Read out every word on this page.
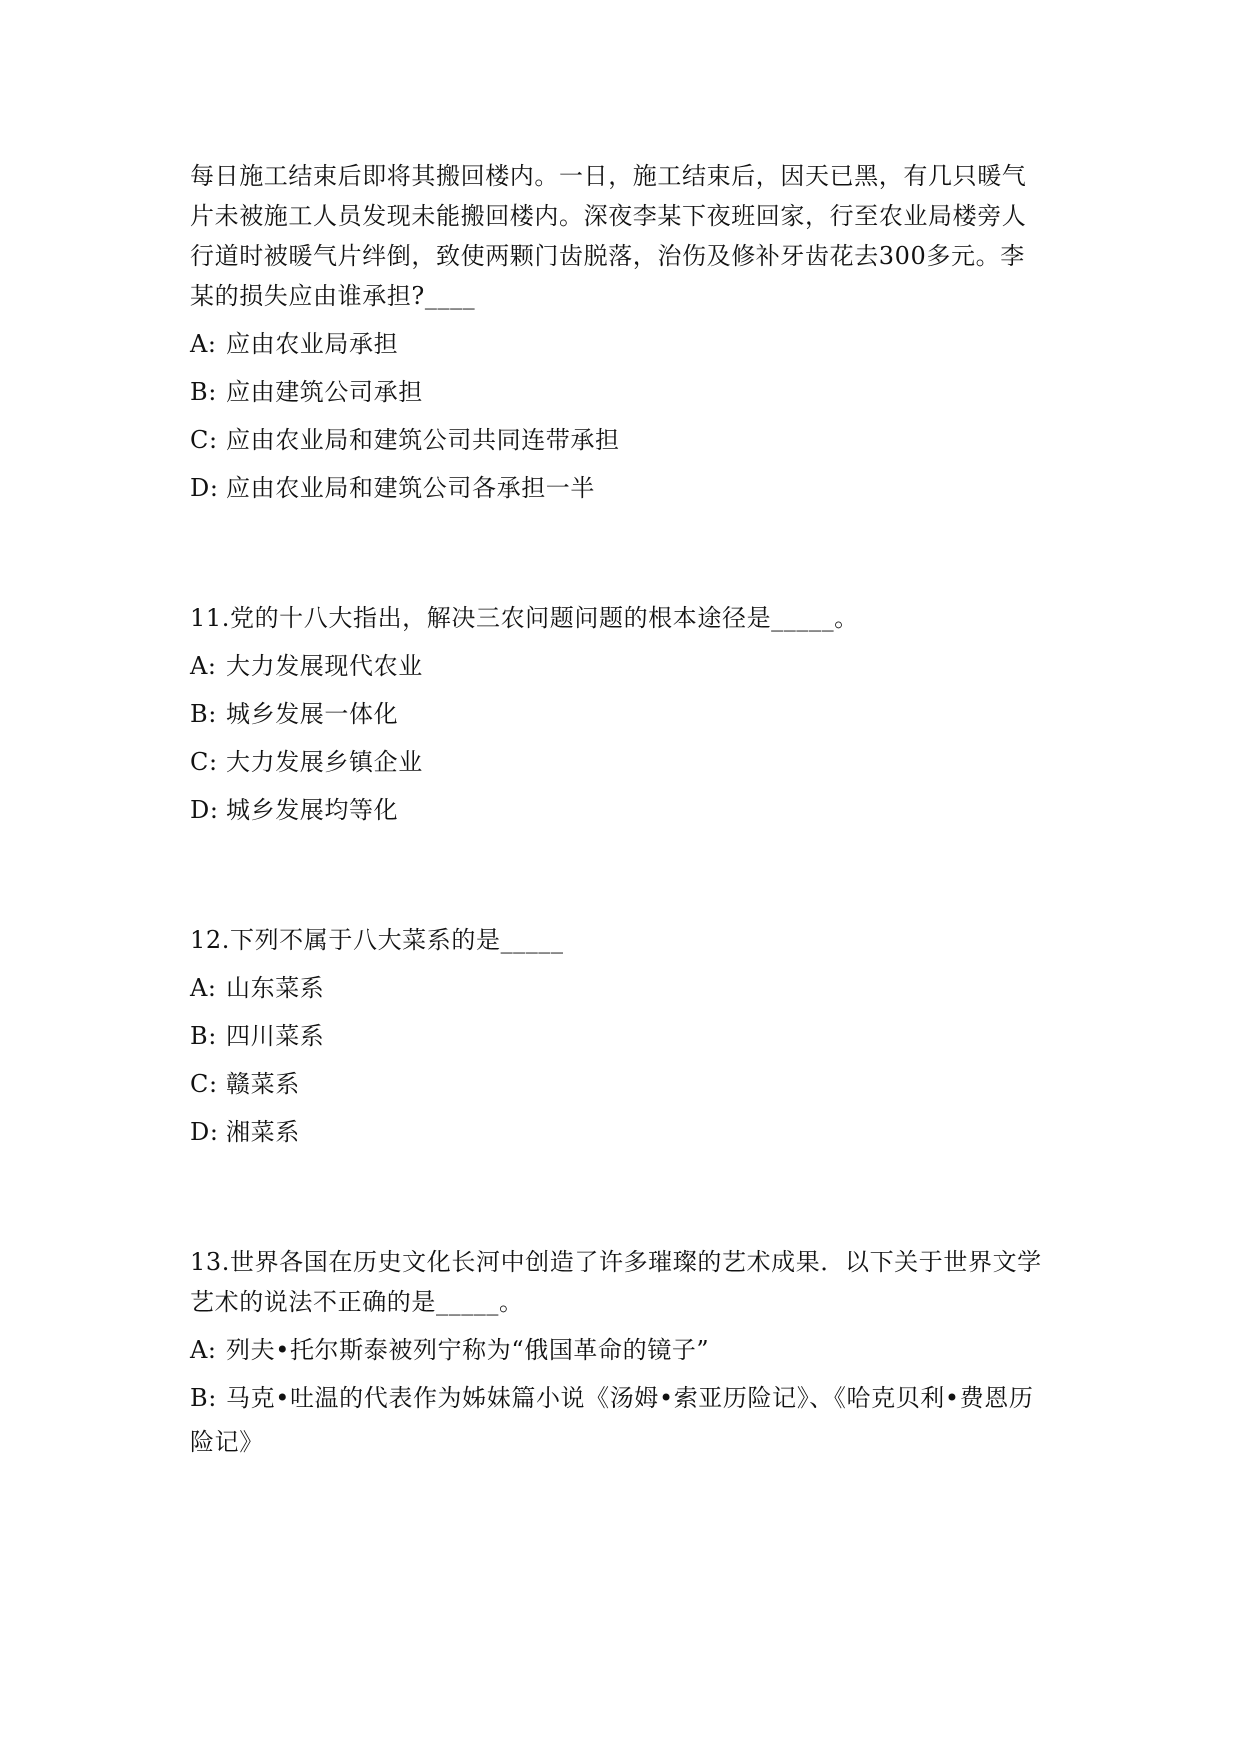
每日施工结束后即将其搬回楼内。一日，施工结束后，因天已黑，有几只暖气
片未被施工人员发现未能搬回楼内。深夜李某下夜班回家，行至农业局楼旁人
行道时被暖气片绊倒，致使两颗门齿脱落，治伤及修补牙齿花去300多元。李
某的损失应由谁承担?____
A: 应由农业局承担
B: 应由建筑公司承担
C: 应由农业局和建筑公司共同连带承担
D: 应由农业局和建筑公司各承担一半
11.党的十八大指出，解决三农问题问题的根本途径是_____。
A: 大力发展现代农业
B: 城乡发展一体化
C: 大力发展乡镇企业
D: 城乡发展均等化
12.下列不属于八大菜系的是_____
A: 山东菜系
B: 四川菜系
C: 赣菜系
D: 湘菜系
13.世界各国在历史文化长河中创造了许多璀璨的艺术成果．以下关于世界文学
艺术的说法不正确的是_____。
A: 列夫•托尔斯泰被列宁称为“俄国革命的镜子”
B: 马克•吐温的代表作为姊妹篇小说《汤姆•索亚历险记》、《哈克贝利•费恩历
险记》
